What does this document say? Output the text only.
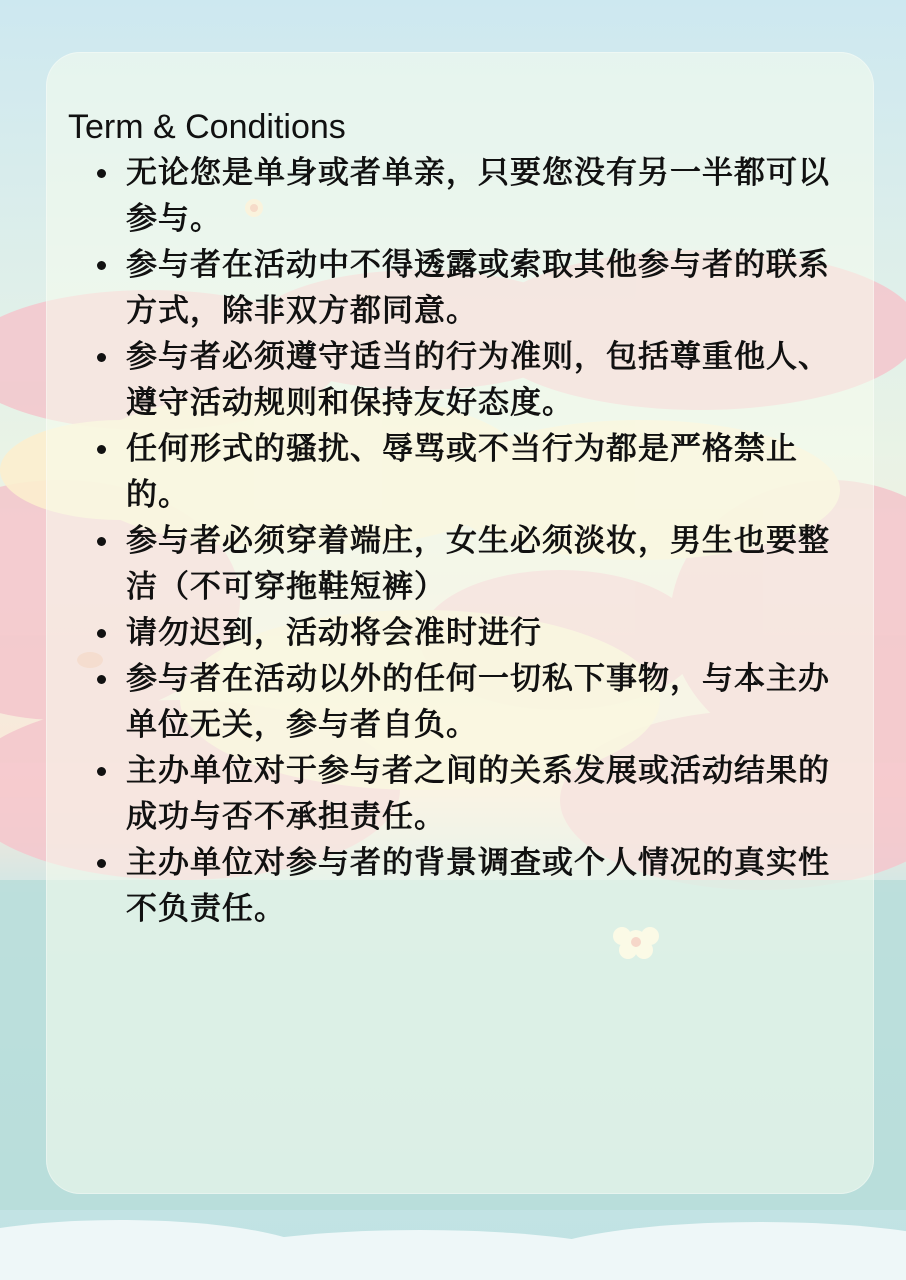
Term & Conditions
无论您是单身或者单亲，只要您没有另一半都可以参与。
参与者在活动中不得透露或索取其他参与者的联系方式，除非双方都同意。
参与者必须遵守适当的行为准则，包括尊重他人、遵守活动规则和保持友好态度。
任何形式的骚扰、辱骂或不当行为都是严格禁止的。
参与者必须穿着端庄，女生必须淡妆，男生也要整洁（不可穿拖鞋短裤）
请勿迟到，活动将会准时进行
参与者在活动以外的任何一切私下事物，与本主办单位无关，参与者自负。
主办单位对于参与者之间的关系发展或活动结果的成功与否不承担责任。
主办单位对参与者的背景调查或个人情况的真实性不负责任。
